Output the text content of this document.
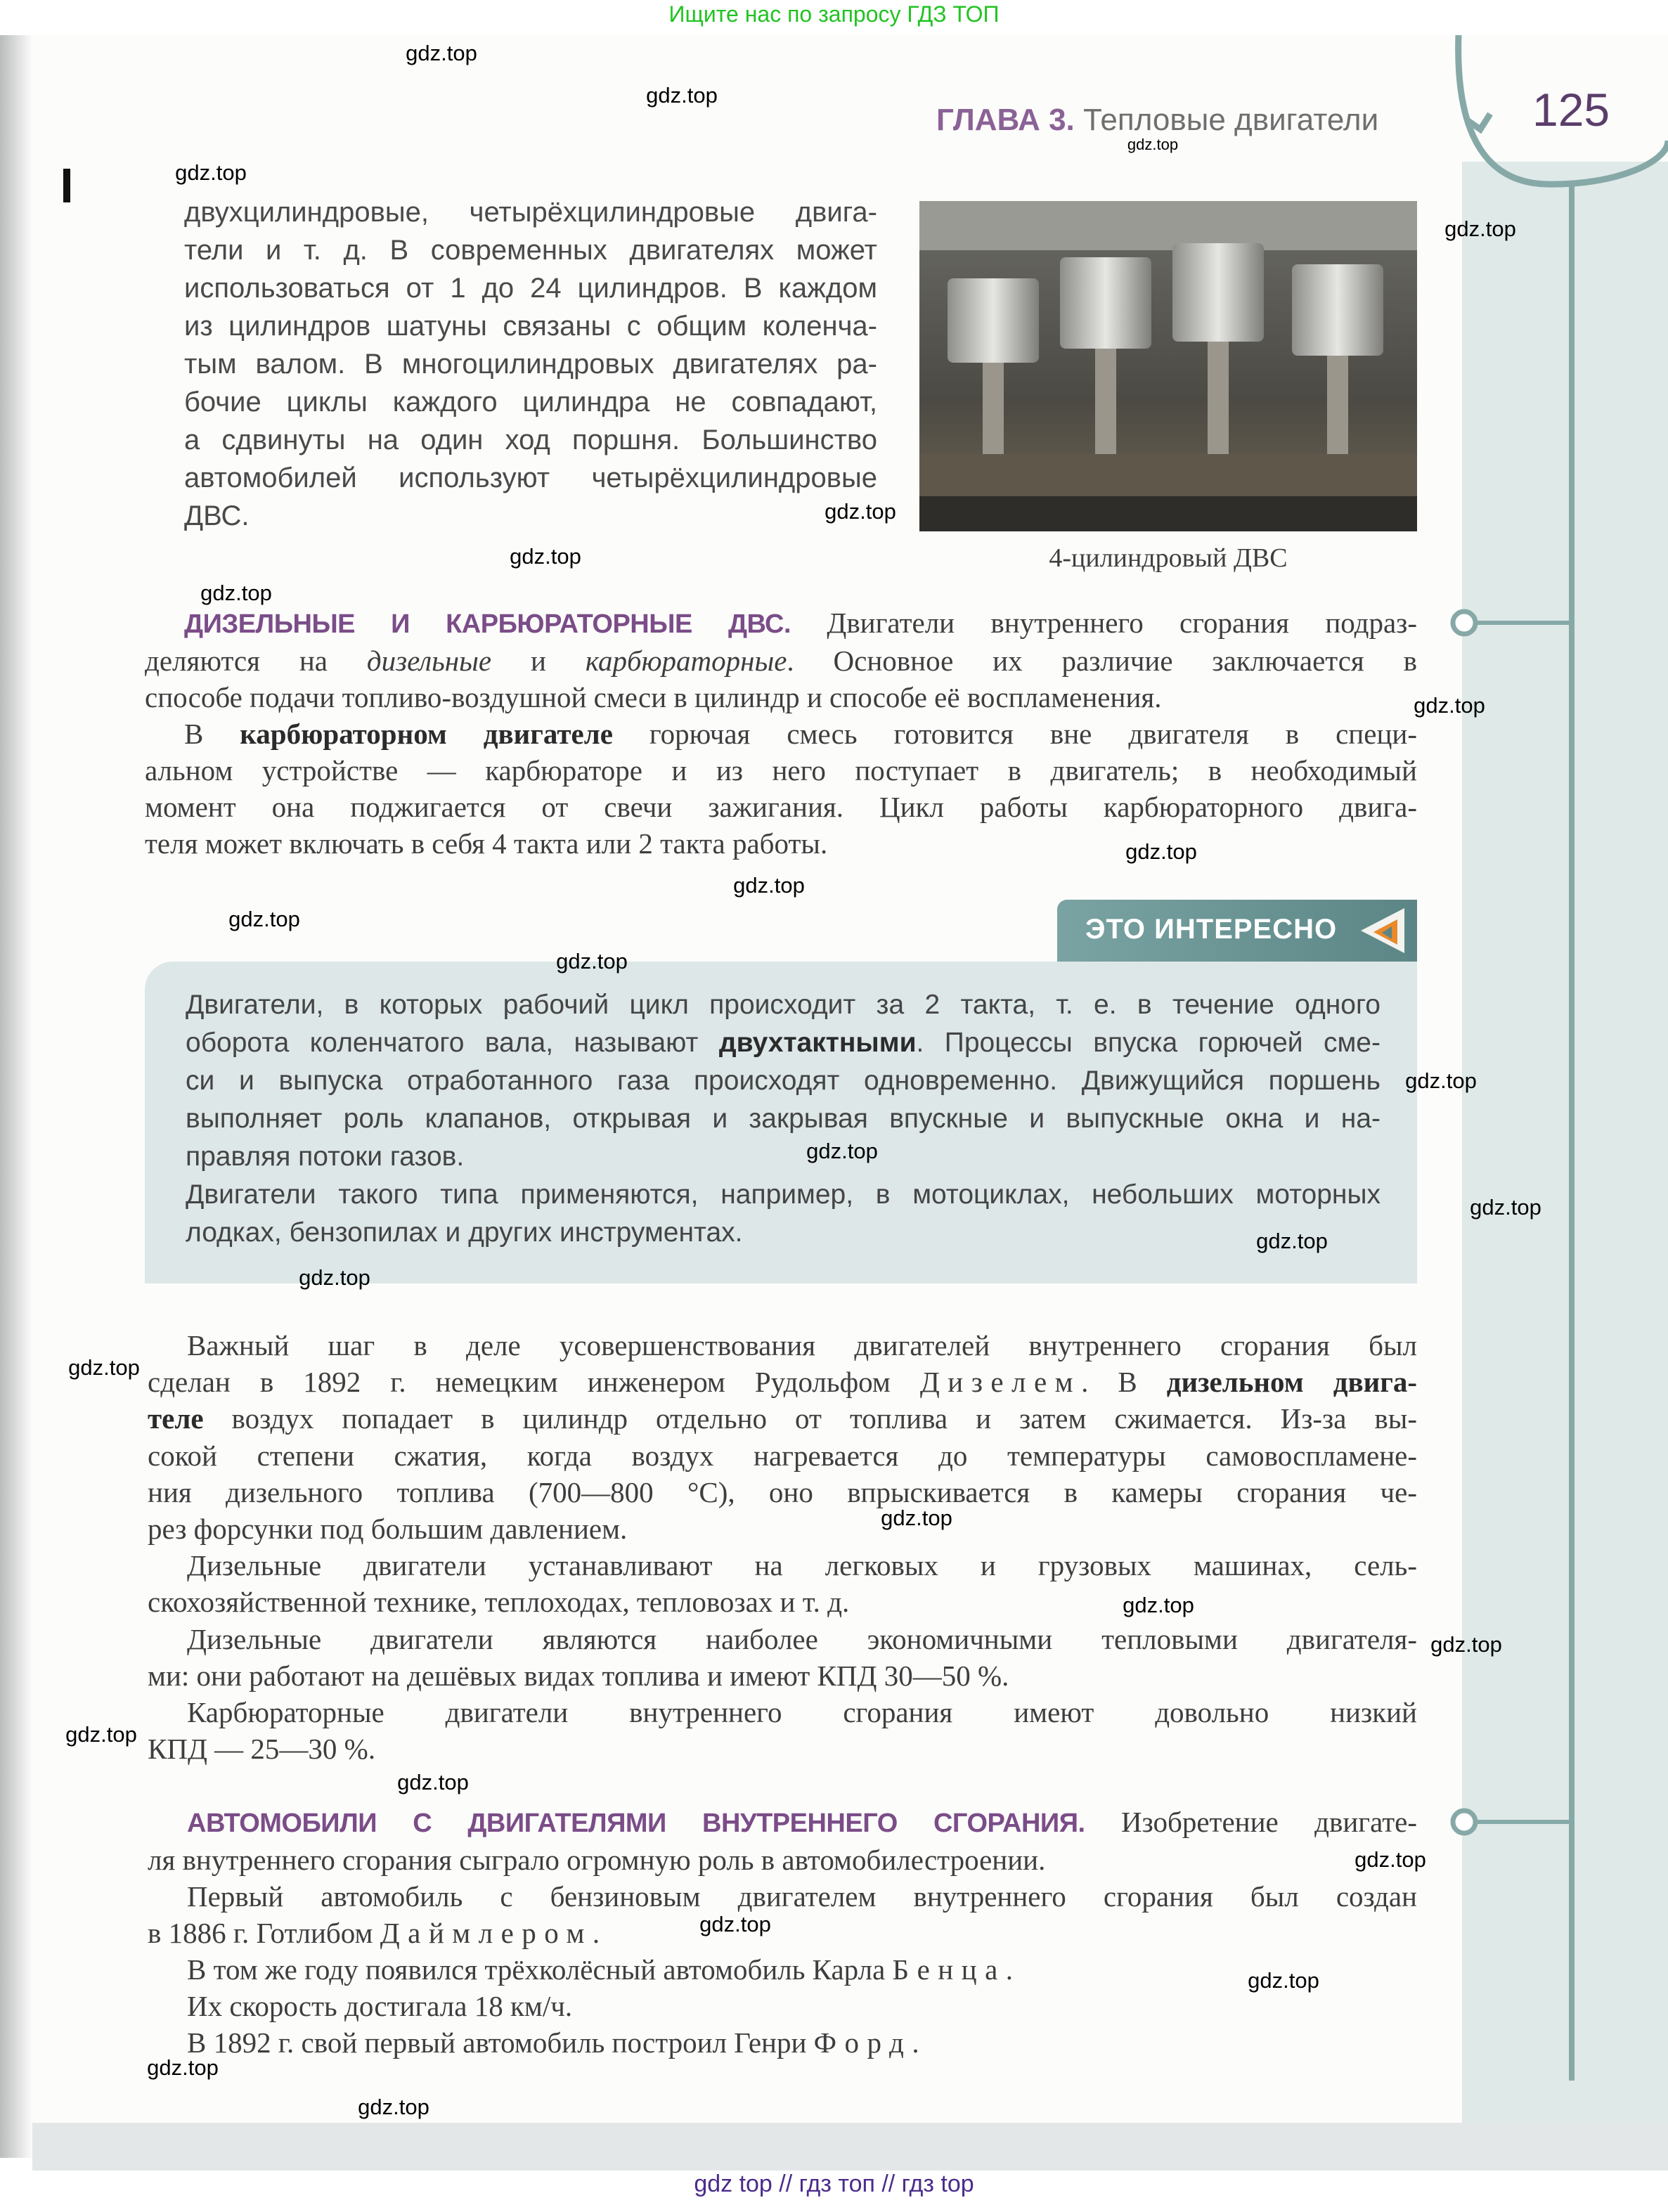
Ищите нас по запросу ГДЗ ТОП
ГЛАВА 3. Тепловые двигатели	125
двухцилиндровые, четырёхцилиндровые двига-
тели и т. д. В современных двигателях может
использоваться от 1 до 24 цилиндров. В каждом
из цилиндров шатуны связаны с общим коленча-
тым валом. В многоцилиндровых двигателях ра-
бочие циклы каждого цилиндра не совпадают,
а сдвинуты на один ход поршня. Большинство
автомобилей используют четырёхцилиндровые
ДВС.
4-цилиндровый ДВС
ДИЗЕЛЬНЫЕ И КАРБЮРАТОРНЫЕ ДВС. Двигатели внутреннего сгорания подраз-
деляются на дизельные и карбюраторные. Основное их различие заключается в
способе подачи топливо-воздушной смеси в цилиндр и способе её воспламенения.
В карбюраторном двигателе горючая смесь готовится вне двигателя в специ-
альном устройстве — карбюраторе и из него поступает в двигатель; в необходимый
момент она поджигается от свечи зажигания. Цикл работы карбюраторного двига-
теля может включать в себя 4 такта или 2 такта работы.
ЭТО ИНТЕРЕСНО
Двигатели, в которых рабочий цикл происходит за 2 такта, т. е. в течение одного
оборота коленчатого вала, называют двухтактными. Процессы впуска горючей сме-
си и выпуска отработанного газа происходят одновременно. Движущийся поршень
выполняет роль клапанов, открывая и закрывая впускные и выпускные окна и на-
правляя потоки газов.
Двигатели такого типа применяются, например, в мотоциклах, небольших моторных
лодках, бензопилах и других инструментах.
Важный шаг в деле усовершенствования двигателей внутреннего сгорания был
сделан в 1892 г. немецким инженером Рудольфом Дизелем. В дизельном двига-
теле воздух попадает в цилиндр отдельно от топлива и затем сжимается. Из-за вы-
сокой степени сжатия, когда воздух нагревается до температуры самовоспламене-
ния дизельного топлива (700—800 °С), оно впрыскивается в камеры сгорания че-
рез форсунки под большим давлением.
Дизельные двигатели устанавливают на легковых и грузовых машинах, сель-
скохозяйственной технике, теплоходах, тепловозах и т. д.
Дизельные двигатели являются наиболее экономичными тепловыми двигателя-
ми: они работают на дешёвых видах топлива и имеют КПД 30—50 %.
Карбюраторные двигатели внутреннего сгорания имеют довольно низкий
КПД — 25—30 %.
АВТОМОБИЛИ С ДВИГАТЕЛЯМИ ВНУТРЕННЕГО СГОРАНИЯ. Изобретение двигате-
ля внутреннего сгорания сыграло огромную роль в автомобилестроении.
Первый автомобиль с бензиновым двигателем внутреннего сгорания был создан
в 1886 г. Готлибом Даймлером.
В том же году появился трёхколёсный автомобиль Карла Бенца.
Их скорость достигала 18 км/ч.
В 1892 г. свой первый автомобиль построил Генри Форд.
gdz.top
gdz.top
gdz.top
gdz.top
gdz.top
gdz.top
gdz.top
gdz.top
gdz.top
gdz.top
gdz.top
gdz.top
gdz.top
gdz.top
gdz.top
gdz.top
gdz.top
gdz.top
gdz.top
gdz.top
gdz.top
gdz.top
gdz.top
gdz.top
gdz.top
gdz.top
gdz.top
gdz.top
gdz.top
gdz top // гдз топ // гдз top
